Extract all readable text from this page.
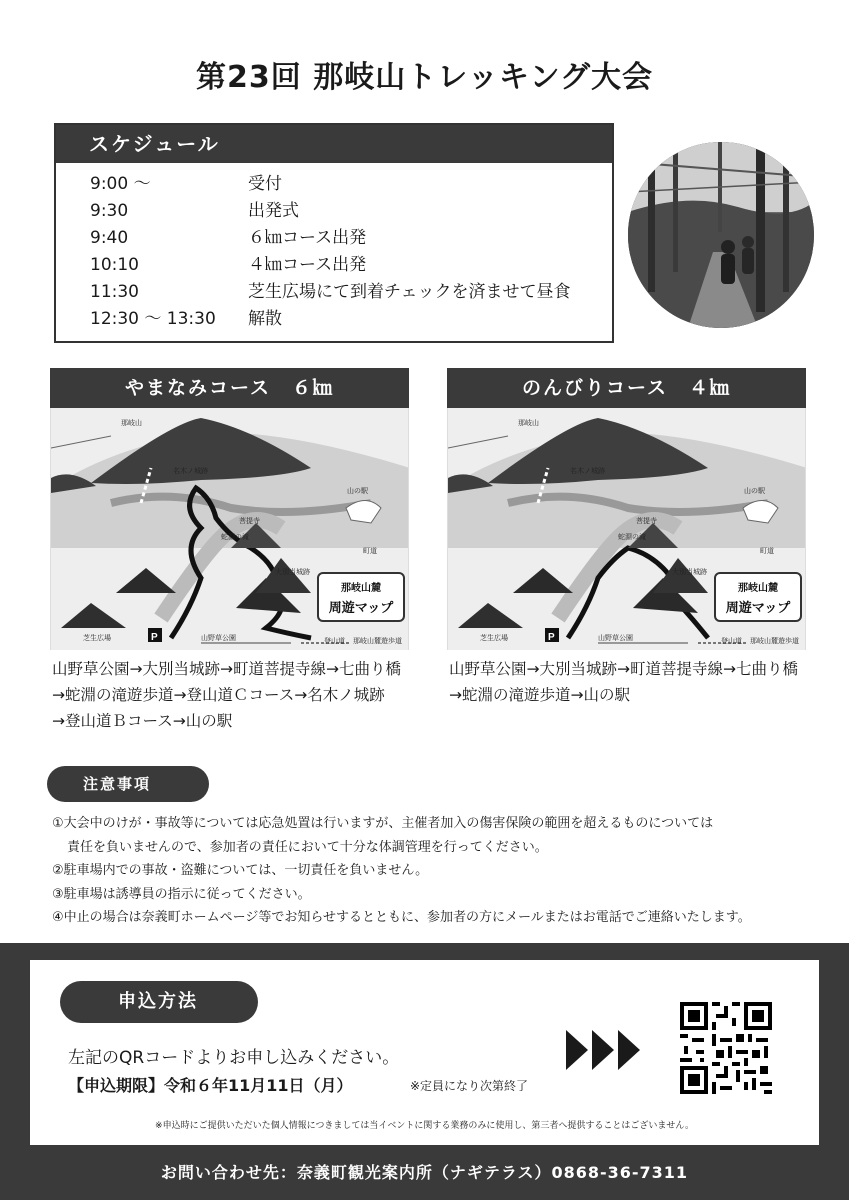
第23回 那岐山トレッキング大会
スケジュール
9:00 ～	受付
9:30	出発式
9:40	６㎞コース出発
10:10	４㎞コース出発
11:30	芝生広場にて到着チェックを済ませて昼食
12:30 ～ 13:30	解散
やまなみコース　６㎞
P
那岐山
名木ノ城跡
菩提寺
蛇淵の滝
大別当城跡
山の駅
町道
登山道 那岐山麓遊歩道
芝生広場	山野草公園
那岐山麓
周遊マップ
山野草公園→大別当城跡→町道菩提寺線→七曲り橋
→蛇淵の滝遊歩道→登山道Ｃコース→名木ノ城跡
→登山道Ｂコース→山の駅
のんびりコース　４㎞
P
那岐山
名木ノ城跡
菩提寺
蛇淵の滝
大別当城跡
山の駅
町道
登山道 那岐山麓遊歩道
芝生広場	山野草公園
那岐山麓
周遊マップ
山野草公園→大別当城跡→町道菩提寺線→七曲り橋
→蛇淵の滝遊歩道→山の駅
注意事項
①大会中のけが・事故等については応急処置は行いますが、主催者加入の傷害保険の範囲を超えるものについては
責任を負いませんので、参加者の責任において十分な体調管理を行ってください。
②駐車場内での事故・盗難については、一切責任を負いません。
③駐車場は誘導員の指示に従ってください。
④中止の場合は奈義町ホームページ等でお知らせするとともに、参加者の方にメールまたはお電話でご連絡いたします。
申込方法
左記のQRコードよりお申し込みください。
【申込期限】令和６年11月11日（月）	※定員になり次第終了
※申込時にご提供いただいた個人情報につきましては当イベントに関する業務のみに使用し、第三者へ提供することはございません。
お問い合わせ先：奈義町観光案内所（ナギテラス）0868-36-7311
